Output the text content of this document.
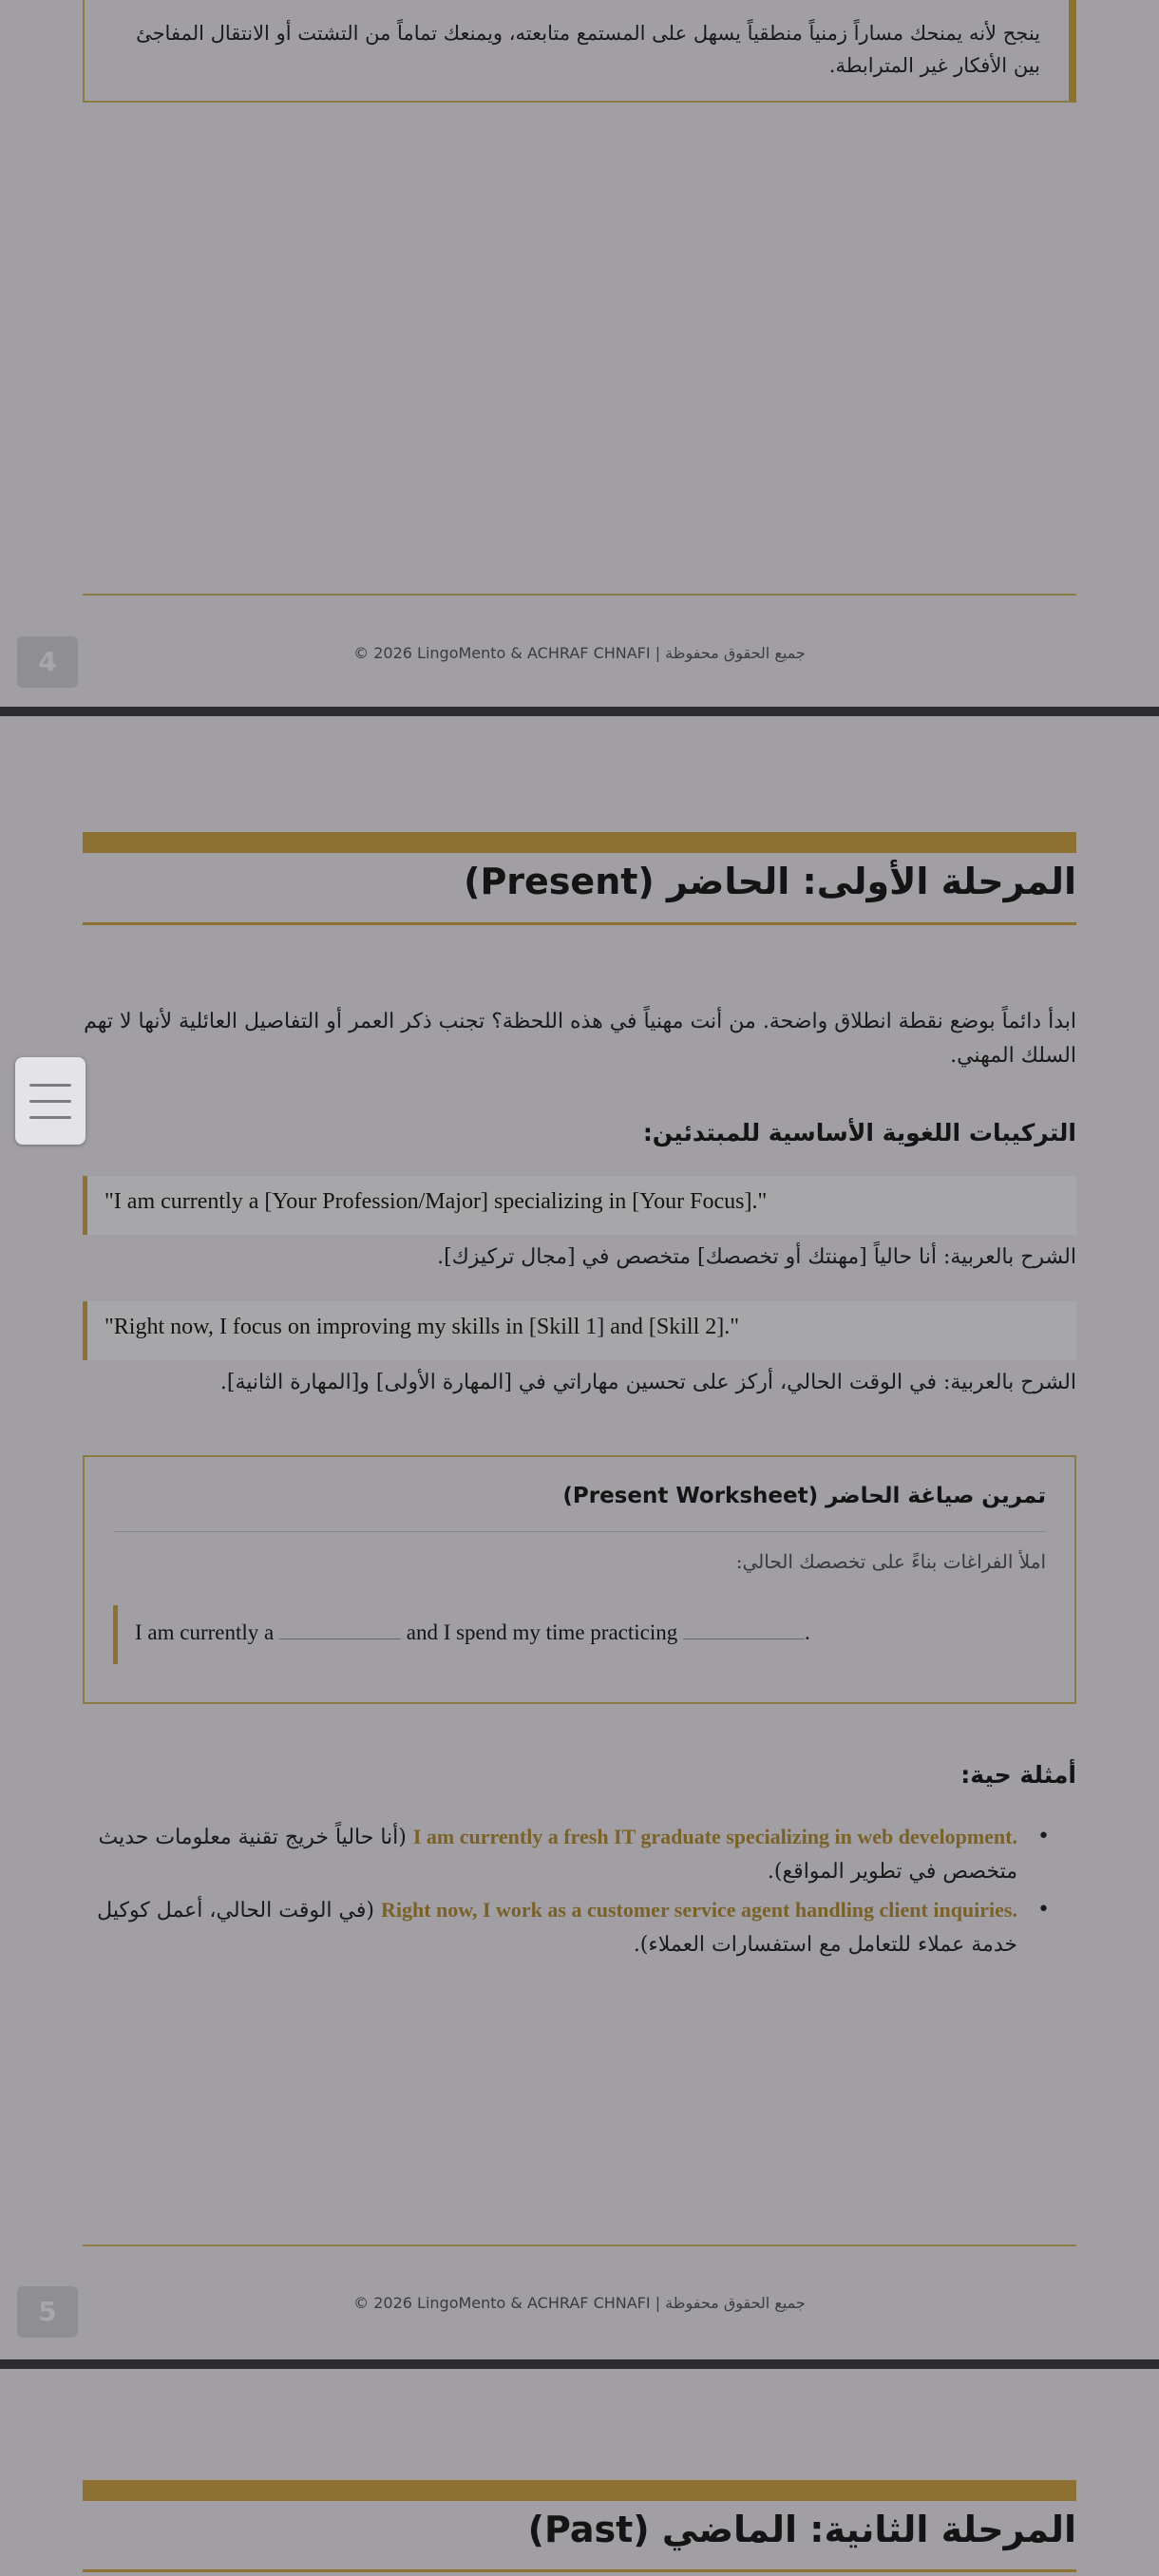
ينجح لأنه يمنحك مساراً زمنياً منطقياً يسهل على المستمع متابعته، ويمنعك تماماً من التشتت أو الانتقال المفاجئ بين الأفكار غير المترابطة.
© 2026 LingoMento & ACHRAF CHNAFI | جميع الحقوق محفوظة
4
المرحلة الأولى: الحاضر (Present)
ابدأ دائماً بوضع نقطة انطلاق واضحة. من أنت مهنياً في هذه اللحظة؟ تجنب ذكر العمر أو التفاصيل العائلية لأنها لا تهم السلك المهني.
التركيبات اللغوية الأساسية للمبتدئين:
"I am currently a [Your Profession/Major] specializing in [Your Focus]."
الشرح بالعربية: أنا حالياً [مهنتك أو تخصصك] متخصص في [مجال تركيزك].
"Right now, I focus on improving my skills in [Skill 1] and [Skill 2]."
الشرح بالعربية: في الوقت الحالي، أركز على تحسين مهاراتي في [المهارة الأولى] و[المهارة الثانية].
تمرين صياغة الحاضر (Present Worksheet)
املأ الفراغات بناءً على تخصصك الحالي:
I am currently a	and I spend my time practicing	.
أمثلة حية:
• I am currently a fresh IT graduate specializing in web development. (أنا حالياً خريج تقنية معلومات حديث متخصص في تطوير المواقع).
• Right now, I work as a customer service agent handling client inquiries. (في الوقت الحالي، أعمل كوكيل خدمة عملاء للتعامل مع استفسارات العملاء).
© 2026 LingoMento & ACHRAF CHNAFI | جميع الحقوق محفوظة
5
المرحلة الثانية: الماضي (Past)
